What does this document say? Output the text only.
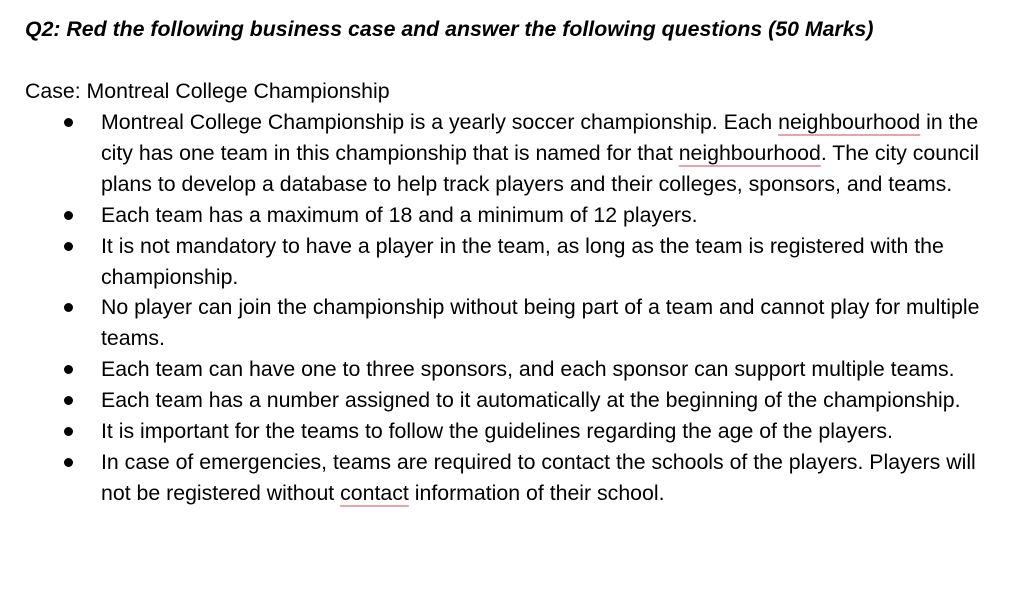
Q2: Red the following business case and answer the following questions (50 Marks)

Case: Montreal College Championship

Montreal College Championship is a yearly soccer championship. Each neighbourhood in the city has one team in this championship that is named for that neighbourhood. The city council plans to develop a database to help track players and their colleges, sponsors, and teams.
Each team has a maximum of 18 and a minimum of 12 players.
It is not mandatory to have a player in the team, as long as the team is registered with the championship.
No player can join the championship without being part of a team and cannot play for multiple teams.
Each team can have one to three sponsors, and each sponsor can support multiple teams.
Each team has a number assigned to it automatically at the beginning of the championship.
It is important for the teams to follow the guidelines regarding the age of the players.
In case of emergencies, teams are required to contact the schools of the players. Players will not be registered without contact information of their school.
